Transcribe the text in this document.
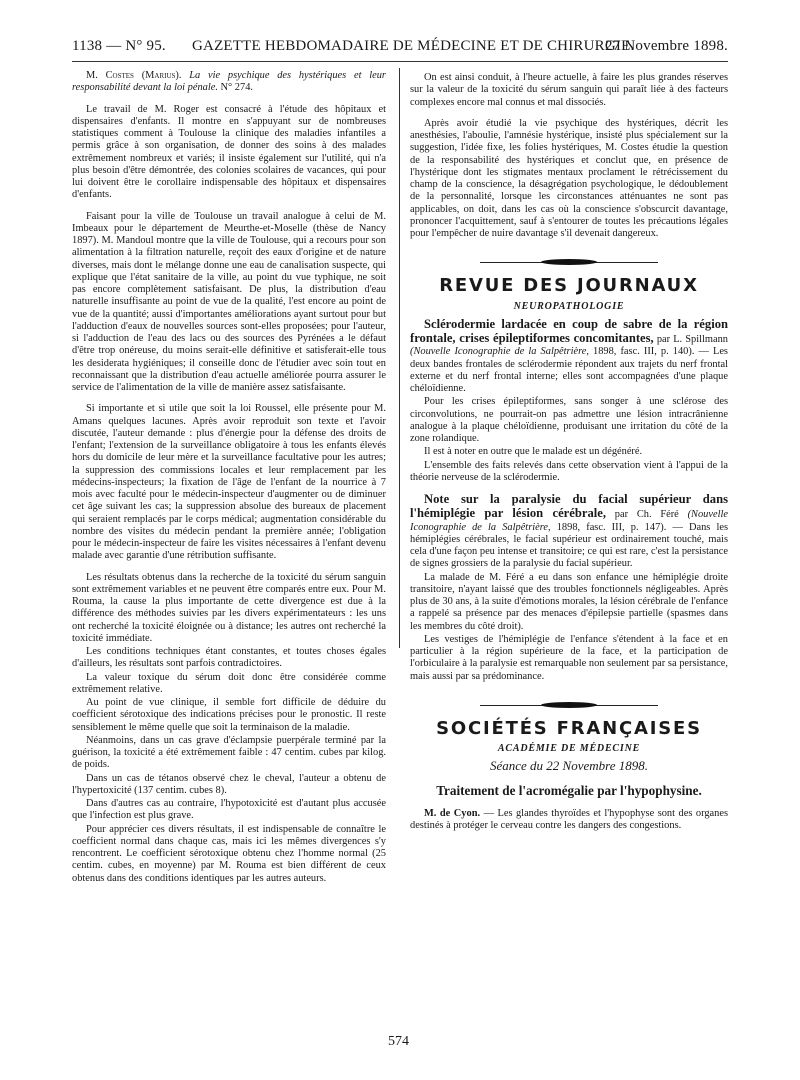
1138 — N° 95. GAZETTE HEBDOMADAIRE DE MÉDECINE ET DE CHIRURGIE.
27 Novembre 1898.

M. Costes (Marius). La vie psychique des hystériques et leur responsabilité devant la loi pénale. N° 274.

Le travail de M. Roger est consacré à l'étude des hôpitaux et dispensaires d'enfants. Il montre en s'appuyant sur de nombreuses statistiques comment à Toulouse la clinique des maladies infantiles a permis grâce à son organisation, de donner des soins à des malades extrêmement nombreux et variés; il insiste également sur l'utilité, qui n'a plus besoin d'être démontrée, des colonies scolaires de vacances, qui pour lui doivent être le corollaire indispensable des hôpitaux et dispensaires d'enfants.

Faisant pour la ville de Toulouse un travail analogue à celui de M. Imbeaux pour le département de Meurthe-et-Moselle (thèse de Nancy 1897). M. Mandoul montre que la ville de Toulouse, qui a recours pour son alimentation à la filtration naturelle, reçoit des eaux d'origine et de nature diverses, mais dont le mélange donne une eau de canalisation suspecte, qui explique que l'état sanitaire de la ville, au point du vue typhique, ne soit pas encore complètement satisfaisant. De plus, la distribution d'eau naturelle insuffisante au point de vue de la qualité, l'est encore au point de vue de la quantité; aussi d'importantes améliorations ayant surtout pour but l'adduction d'eaux de nouvelles sources sont-elles proposées; pour l'auteur, si l'adduction de l'eau des lacs ou des sources des Pyrénées a le défaut d'être trop onéreuse, du moins serait-elle définitive et satisferait-elle tous les desiderata hygiéniques; il conseille donc de l'étudier avec soin tout en reconnaissant que la distribution d'eau actuelle améliorée pourra assurer le service de l'alimentation de la ville de manière assez satisfaisante.

Si importante et si utile que soit la loi Roussel, elle présente pour M. Amans quelques lacunes. Après avoir reproduit son texte et l'avoir discutée, l'auteur demande : plus d'énergie pour la défense des droits de l'enfant; l'extension de la surveillance obligatoire à tous les enfants élevés hors du domicile de leur mère et la surveillance facultative pour les autres; la suppression des commissions locales et leur remplacement par les médecins-inspecteurs; la fixation de l'âge de l'enfant de la nourrice à 7 mois avec faculté pour le médecin-inspecteur d'augmenter ou de diminuer cet âge suivant les cas; la suppression absolue des bureaux de placement qui seraient remplacés par le corps médical; augmentation considérable du nombre des visites du médecin pendant la première année; l'obligation pour le médecin-inspecteur de faire les visites nécessaires à l'enfant devenu malade avec garantie d'une rétribution suffisante.

Les résultats obtenus dans la recherche de la toxicité du sérum sanguin sont extrêmement variables et ne peuvent être comparés entre eux. Pour M. Rouma, la cause la plus importante de cette divergence est due à la différence des méthodes suivies par les divers expérimentateurs : les uns ont recherché la toxicité éloignée ou à distance; les autres ont recherché la toxicité immédiate.

Les conditions techniques étant constantes, et toutes choses égales d'ailleurs, les résultats sont parfois contradictoires.

La valeur toxique du sérum doit donc être considérée comme extrêmement relative.

Au point de vue clinique, il semble fort difficile de déduire du coefficient sérotoxique des indications précises pour le pronostic. Il reste sensiblement le même quelle que soit la terminaison de la maladie.

Néanmoins, dans un cas grave d'éclampsie puerpérale terminé par la guérison, la toxicité a été extrêmement faible : 47 centim. cubes par kilog. de poids.

Dans un cas de tétanos observé chez le cheval, l'auteur a obtenu de l'hypertoxicité (137 centim. cubes 8).

Dans d'autres cas au contraire, l'hypotoxicité est d'autant plus accusée que l'infection est plus grave.

Pour apprécier ces divers résultats, il est indispensable de connaître le coefficient normal dans chaque cas, mais ici les mêmes divergences s'y rencontrent. Le coefficient sérotoxique obtenu chez l'homme normal (25 centim. cubes, en moyenne) par M. Rouma est bien différent de ceux obtenus dans des conditions identiques par les autres auteurs.

On est ainsi conduit, à l'heure actuelle, à faire les plus grandes réserves sur la valeur de la toxicité du sérum sanguin qui paraît liée à des facteurs complexes encore mal connus et mal dissociés.

Après avoir étudié la vie psychique des hystériques, décrit les anesthésies, l'aboulie, l'amnésie hystérique, insisté plus spécialement sur la suggestion, l'idée fixe, les folies hystériques, M. Costes étudie la question de la responsabilité des hystériques et conclut que, en présence de l'hystérique dont les stigmates mentaux proclament le rétrécissement du champ de la conscience, la désagrégation psychologique, le dédoublement de la personnalité, lorsque les circonstances atténuantes ne sont pas applicables, on doit, dans les cas où la conscience s'obscurcit davantage, prononcer l'acquittement, sauf à s'entourer de toutes les précautions légales pour l'empêcher de nuire davantage s'il devenait dangereux.

REVUE DES JOURNAUX
NEUROPATHOLOGIE

Sclérodermie lardacée en coup de sabre de la région frontale, crises épileptiformes concomitantes, par L. Spillmann (Nouvelle Iconographie de la Salpêtrière, 1898, fasc. III, p. 140). — Les deux bandes frontales de sclérodermie répondent aux trajets du nerf frontal externe et du nerf frontal interne; elles sont accompagnées d'une plaque chéloïdienne.

Pour les crises épileptiformes, sans songer à une sclérose des circonvolutions, ne pourrait-on pas admettre une lésion intracrânienne analogue à la plaque chéloïdienne, produisant une irritation du côté de la zone rolandique.

Il est à noter en outre que le malade est un dégénéré.

L'ensemble des faits relevés dans cette observation vient à l'appui de la théorie nerveuse de la sclérodermie.

Note sur la paralysie du facial supérieur dans l'hémiplégie par lésion cérébrale, par Ch. Féré (Nouvelle Iconographie de la Salpêtrière, 1898, fasc. III, p. 147). — Dans les hémiplégies cérébrales, le facial supérieur est ordinairement touché, mais cela d'une façon peu intense et transitoire; ce qui est rare, c'est la persistance de signes grossiers de la paralysie du facial supérieur.

La malade de M. Féré a eu dans son enfance une hémiplégie droite transitoire, n'ayant laissé que des troubles fonctionnels négligeables. Après plus de 30 ans, à la suite d'émotions morales, la lésion cérébrale de l'enfance a rappelé sa présence par des menaces d'épilepsie partielle (spasmes dans les membres du côté droit).

Les vestiges de l'hémiplégie de l'enfance s'étendent à la face et en particulier à la région supérieure de la face, et la participation de l'orbiculaire à la paralysie est remarquable non seulement par sa persistance, mais aussi par sa prédominance.

SOCIÉTÉS FRANÇAISES
ACADÉMIE DE MÉDECINE
Séance du 22 Novembre 1898.
Traitement de l'acromégalie par l'hypophysine.

M. de Cyon. — Les glandes thyroïdes et l'hypophyse sont des organes destinés à protéger le cerveau contre les dangers des congestions.

574
